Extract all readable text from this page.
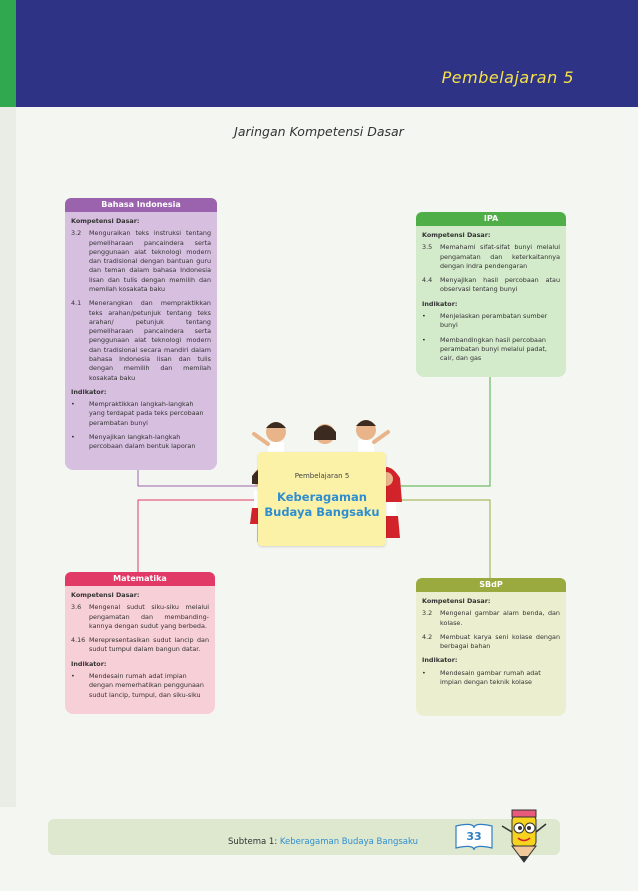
Pembelajaran 5
Jaringan Kompetensi Dasar
Bahasa Indonesia
Kompetensi Dasar:
3.2	Menguraikan teks instruksi tentang pemeliharaan pancaindera serta penggunaan alat teknologi modern dan tradisional dengan bantuan guru dan teman dalam bahasa Indonesia lisan dan tulis dengan memilih dan memilah kosakata baku
4.1	Menerangkan dan mempraktikkan teks arahan/petunjuk tentang teks arahan/ petunjuk tentang pemeliharaan pancaindera serta penggunaan alat teknologi modern dan tradisional secara mandiri dalam bahasa Indonesia lisan dan tulis dengan memilih dan memilah kosakata baku
Indikator:
•	Mempraktikkan langkah-langkah yang terdapat pada teks percobaan perambatan bunyi
•	Menyajikan langkah-langkah percobaan dalam bentuk laporan
IPA
Kompetensi Dasar:
3.5	Memahami sifat-sifat bunyi melalui pengamatan dan keterkaitannya dengan indra pendengaran
4.4	Menyajikan hasil percobaan atau observasi tentang bunyi
Indikator:
•	Menjelaskan perambatan sumber bunyi
•	Membandingkan hasil percobaan perambatan bunyi melalui padat, cair, dan gas
Pembelajaran 5
Keberagaman Budaya Bangsaku
Matematika
Kompetensi Dasar:
3.6	Mengenal sudut siku-siku melalui pengamatan dan membanding-kannya dengan sudut yang berbeda.
4.16 Merepresentasikan sudut lancip dan sudut tumpul dalam bangun datar.
Indikator:
•	Mendesain rumah adat impian dengan memerhatikan penggunaan sudut lancip, tumpul, dan siku-siku
SBdP
Kompetensi Dasar:
3.2	Mengenal gambar alam benda, dan kolase.
4.2	Membuat karya seni kolase dengan berbagai bahan
Indikator:
•	Mendesain gambar rumah adat impian dengan teknik kolase
Subtema 1: Keberagaman Budaya Bangsaku	33
